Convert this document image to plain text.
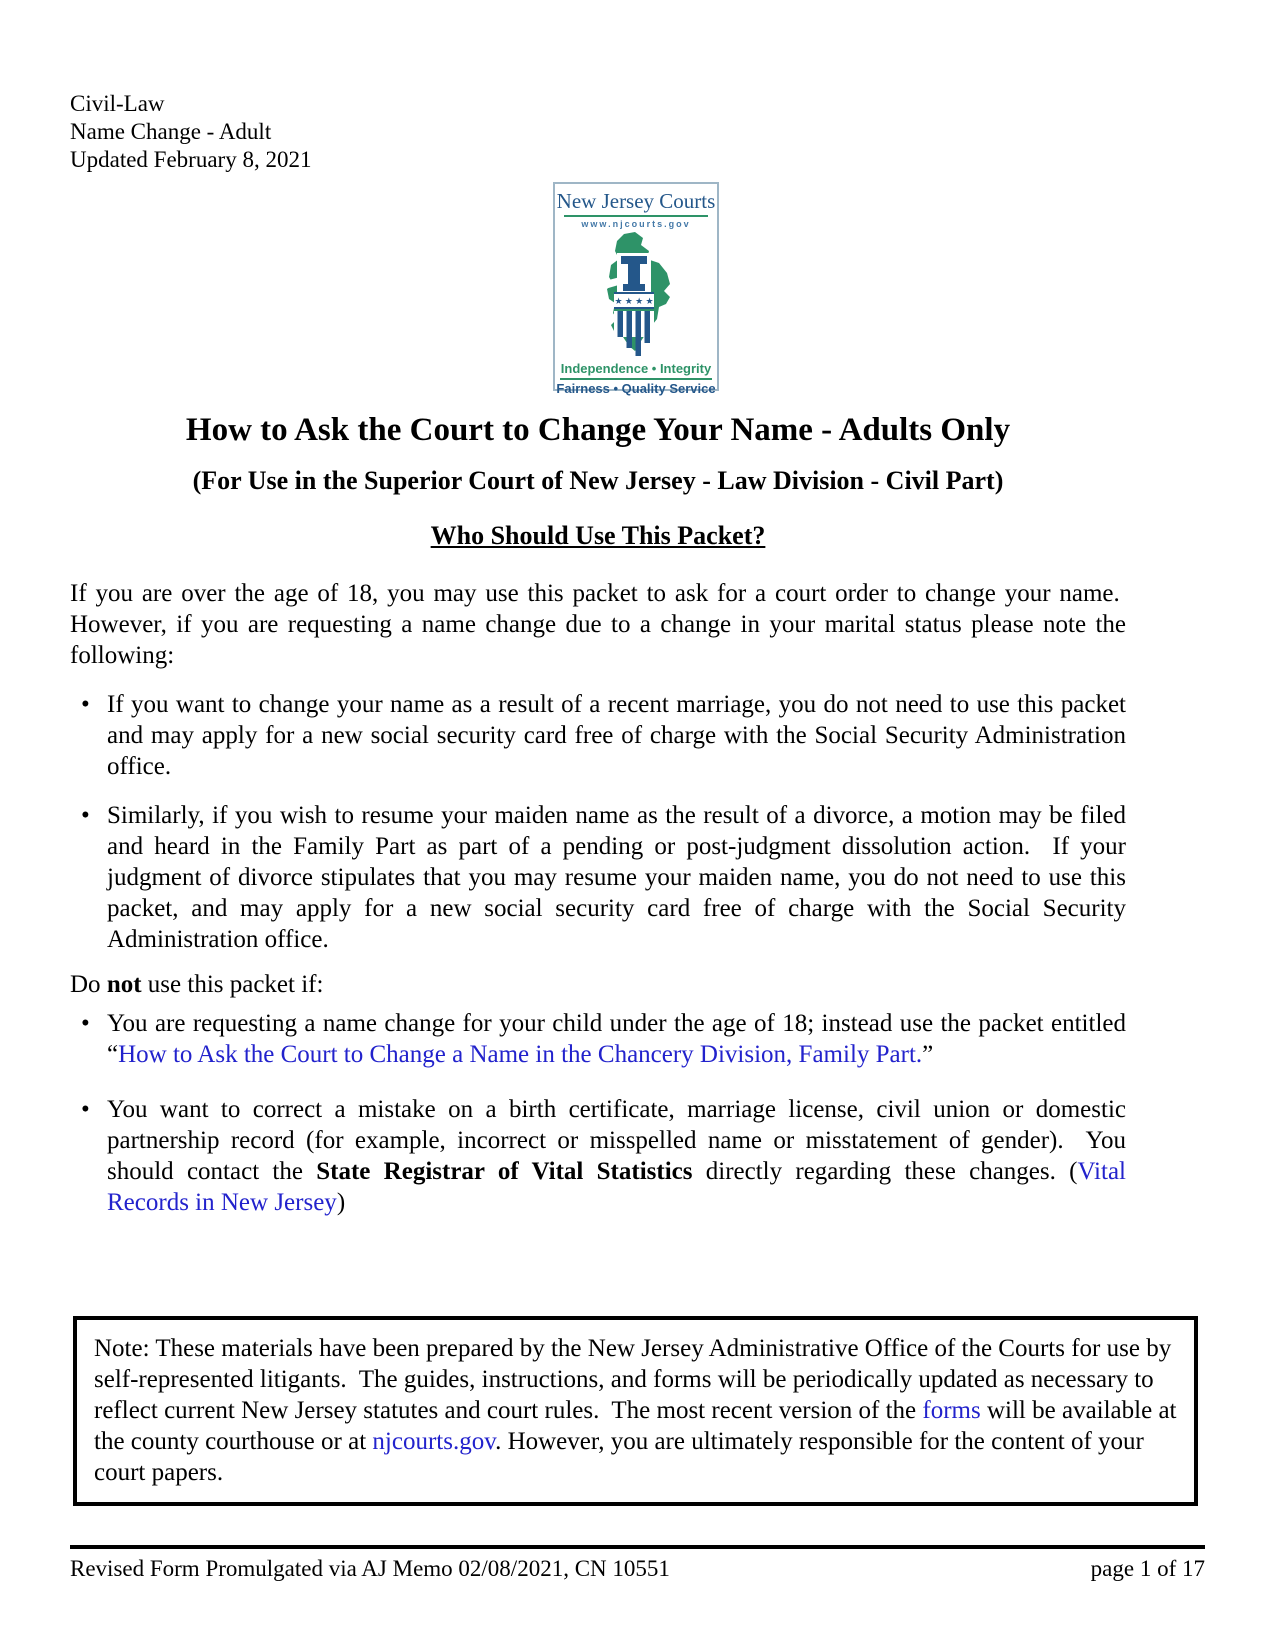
Civil-Law
Name Change - Adult
Updated February 8, 2021
New Jersey Courts
www.njcourts.gov
★ ★ ★ ★
Independence • Integrity
Fairness • Quality Service
How to Ask the Court to Change Your Name - Adults Only
(For Use in the Superior Court of New Jersey - Law Division - Civil Part)
Who Should Use This Packet?
If you are over the age of 18, you may use this packet to ask for a court order to change your name.  However, if you are requesting a name change due to a change in your marital status please note the following:
• If you want to change your name as a result of a recent marriage, you do not need to use this packet and may apply for a new social security card free of charge with the Social Security Administration office.
• Similarly, if you wish to resume your maiden name as the result of a divorce, a motion may be filed and heard in the Family Part as part of a pending or post-judgment dissolution action.  If your judgment of divorce stipulates that you may resume your maiden name, you do not need to use this packet, and may apply for a new social security card free of charge with the Social Security Administration office.
Do not use this packet if:
• You are requesting a name change for your child under the age of 18; instead use the packet entitled “How to Ask the Court to Change a Name in the Chancery Division, Family Part.”
• You want to correct a mistake on a birth certificate, marriage license, civil union or domestic partnership record (for example, incorrect or misspelled name or misstatement of gender).  You should contact the State Registrar of Vital Statistics directly regarding these changes. (Vital Records in New Jersey)
Note: These materials have been prepared by the New Jersey Administrative Office of the Courts for use by self-represented litigants.  The guides, instructions, and forms will be periodically updated as necessary to reflect current New Jersey statutes and court rules.  The most recent version of the forms will be available at the county courthouse or at njcourts.gov. However, you are ultimately responsible for the content of your court papers.
Revised Form Promulgated via AJ Memo 02/08/2021, CN 10551	page 1 of 17
